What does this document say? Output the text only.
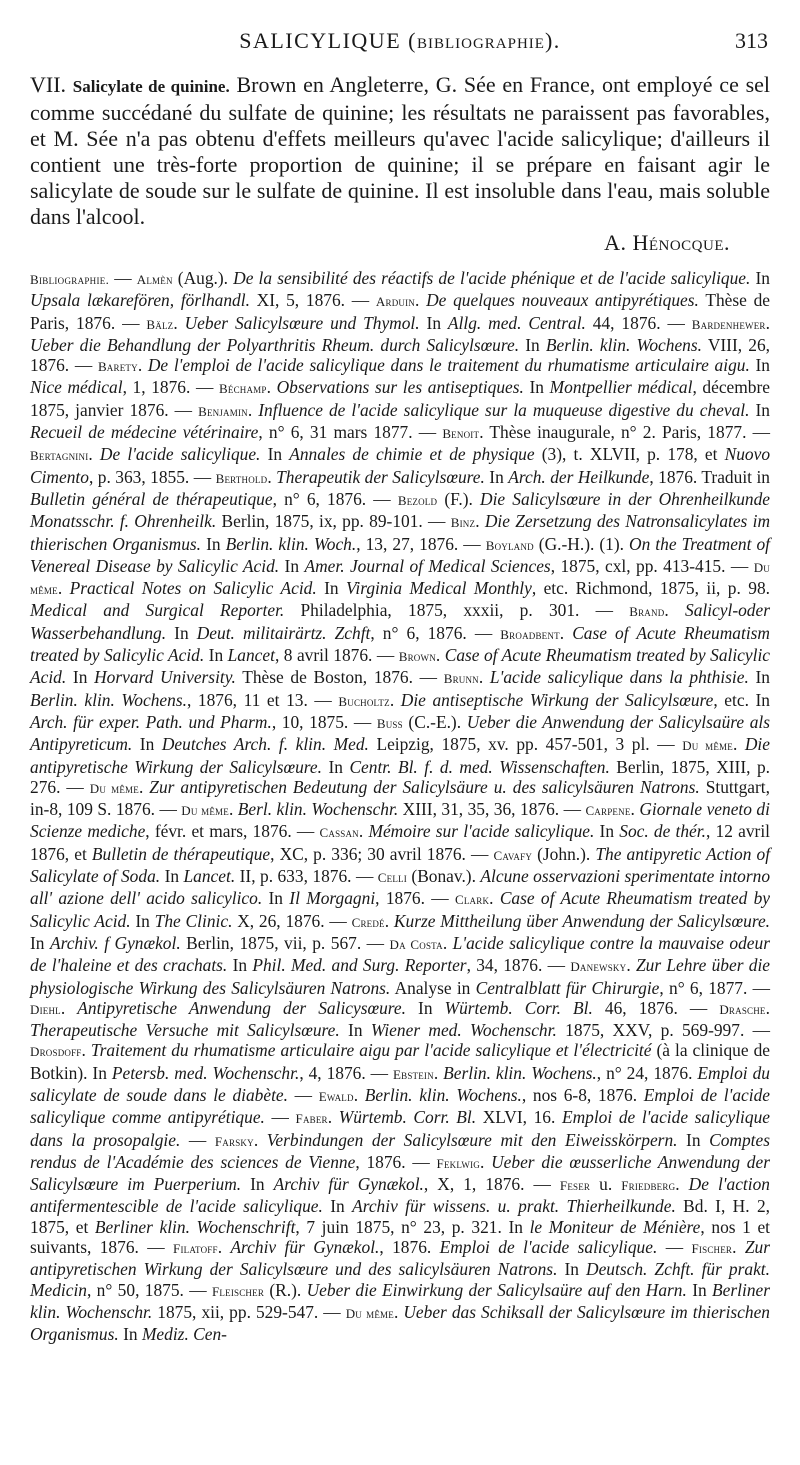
SALICYLIQUE (BIBLIOGRAPHIE).	313
VII. Salicylate de quinine. Brown en Angleterre, G. Sée en France, ont employé ce sel comme succédané du sulfate de quinine; les résultats ne paraissent pas favorables, et M. Sée n'a pas obtenu d'effets meilleurs qu'avec l'acide salicylique; d'ailleurs il contient une très-forte proportion de quinine; il se prépare en faisant agir le salicylate de soude sur le sulfate de quinine. Il est insoluble dans l'eau, mais soluble dans l'alcool.
A. Hénocque.
Bibliographie. — Almèn (Aug.). De la sensibilité des réactifs de l'acide phénique et de l'acide salicylique. In Upsala lækarefören, förlhandl. XI, 5, 1876. — Arduin. De quelques nouveaux antipyrétiques. Thèse de Paris, 1876. — Bälz. Ueber Salicylsœure und Thymol. In Allg. med. Central. 44, 1876. — Bardenhewer. Ueber die Behandlung der Polyarthritis Rheum. durch Salicylsœure. In Berlin. klin. Wochens. VIII, 26, 1876. — Barety. De l'emploi de l'acide salicylique dans le traitement du rhumatisme articulaire aigu. In Nice médical, 1, 1876. — Béchamp. Observations sur les antiseptiques. In Montpellier médical, décembre 1875, janvier 1876. — Benjamin. Influence de l'acide salicylique sur la muqueuse digestive du cheval. In Recueil de médecine vétérinaire, n° 6, 31 mars 1877. — Benoit. Thèse inaugurale, n° 2. Paris, 1877. — Bertagnini. De l'acide salicylique. In Annales de chimie et de physique (3), t. XLVII, p. 178, et Nuovo Cimento, p. 363, 1855. — Berthold. Therapeutik der Salicylsœure. In Arch. der Heilkunde, 1876. Traduit in Bulletin général de thérapeutique, n° 6, 1876. — Bezold (F.). Die Salicylsœure in der Ohrenheilkunde Monatsschr. f. Ohrenheilk. Berlin, 1875, ix, pp. 89-101. — Binz. Die Zersetzung des Natronsalicylates im thierischen Organismus. In Berlin. klin. Woch., 13, 27, 1876. — Boyland (G.-H.). (1). On the Treatment of Venereal Disease by Salicylic Acid. In Amer. Journal of Medical Sciences, 1875, cxl, pp. 413-415. — Du même. Practical Notes on Salicylic Acid. In Virginia Medical Monthly, etc. Richmond, 1875, ii, p. 98. Medical and Surgical Reporter. Philadelphia, 1875, xxxii, p. 301. — Brand. Salicyl-oder Wasserbehandlung. In Deut. militairärtz. Zchft, n° 6, 1876. — Broadbent. Case of Acute Rheumatism treated by Salicylic Acid. In Lancet, 8 avril 1876. — Brown. Case of Acute Rheumatism treated by Salicylic Acid. In Horvard University. Thèse de Boston, 1876. — Brunn. L'acide salicylique dans la phthisie. In Berlin. klin. Wochens., 1876, 11 et 13. — Bucholtz. Die antiseptische Wirkung der Salicylsœure, etc. In Arch. für exper. Path. und Pharm., 10, 1875. — Buss (C.-E.). Ueber die Anwendung der Salicylsaüre als Antipyreticum. In Deutches Arch. f. klin. Med. Leipzig, 1875, xv. pp. 457-501, 3 pl. — Du même. Die antipyretische Wirkung der Salicylsœure. In Centr. Bl. f. d. med. Wissenschaften. Berlin, 1875, XIII, p. 276. — Du même. Zur antipyretischen Bedeutung der Salicylsäure u. des salicylsäuren Natrons. Stuttgart, in-8, 109 S. 1876. — Du même. Berl. klin. Wochenschr. XIII, 31, 35, 36, 1876. — Carpene. Giornale veneto di Scienze mediche, févr. et mars, 1876. — Cassan. Mémoire sur l'acide salicylique. In Soc. de thér., 12 avril 1876, et Bulletin de thérapeutique, XC, p. 336; 30 avril 1876. — Cavafy (John.). The antipyretic Action of Salicylate of Soda. In Lancet. II, p. 633, 1876. — Celli (Bonav.). Alcune osservazioni sperimentate intorno all' azione dell' acido salicylico. In Il Morgagni, 1876. — Clark. Case of Acute Rheumatism treated by Salicylic Acid. In The Clinic. X, 26, 1876. — Credé. Kurze Mittheilung über Anwendung der Salicylsœure. In Archiv. f Gynækol. Berlin, 1875, vii, p. 567. — Da Costa. L'acide salicylique contre la mauvaise odeur de l'haleine et des crachats. In Phil. Med. and Surg. Reporter, 34, 1876. — Danewsky. Zur Lehre über die physiologische Wirkung des Salicylsäuren Natrons. Analyse in Centralblatt für Chirurgie, n° 6, 1877. — Diehl. Antipyretische Anwendung der Salicysœure. In Würtemb. Corr. Bl. 46, 1876. — Drasche. Therapeutische Versuche mit Salicylsœure. In Wiener med. Wochenschr. 1875, XXV, p. 569-997. — Drosdoff. Traitement du rhumatisme articulaire aigu par l'acide salicylique et l'électricité (à la clinique de Botkin). In Petersb. med. Wochenschr., 4, 1876. — Ebstein. Berlin. klin. Wochens., n° 24, 1876. Emploi du salicylate de soude dans le diabète. — Ewald. Berlin. klin. Wochens., nos 6-8, 1876. Emploi de l'acide salicylique comme antipyrétique. — Faber. Würtemb. Corr. Bl. XLVI, 16. Emploi de l'acide salicylique dans la prosopalgie. — Farsky. Verbindungen der Salicylsœure mit den Eiweisskörpern. In Comptes rendus de l'Académie des sciences de Vienne, 1876. — Feklwig. Ueber die œusserliche Anwendung der Salicylsœure im Puerperium. In Archiv für Gynækol., X, 1, 1876. — Feser u. Friedberg. De l'action antifermentescible de l'acide salicylique. In Archiv für wissens. u. prakt. Thierheilkunde. Bd. I, H. 2, 1875, et Berliner klin. Wochenschrift, 7 juin 1875, n° 23, p. 321. In le Moniteur de Ménière, nos 1 et suivants, 1876. — Filatoff. Archiv für Gynækol., 1876. Emploi de l'acide salicylique. — Fischer. Zur antipyretischen Wirkung der Salicylsœure und des salicylsäuren Natrons. In Deutsch. Zchft. für prakt. Medicin, n° 50, 1875. — Fleischer (R.). Ueber die Einwirkung der Salicylsaüre auf den Harn. In Berliner klin. Wochenschr. 1875, xii, pp. 529-547. — Du même. Ueber das Schiksall der Salicylsœure im thierischen Organismus. In Mediz. Cen-
